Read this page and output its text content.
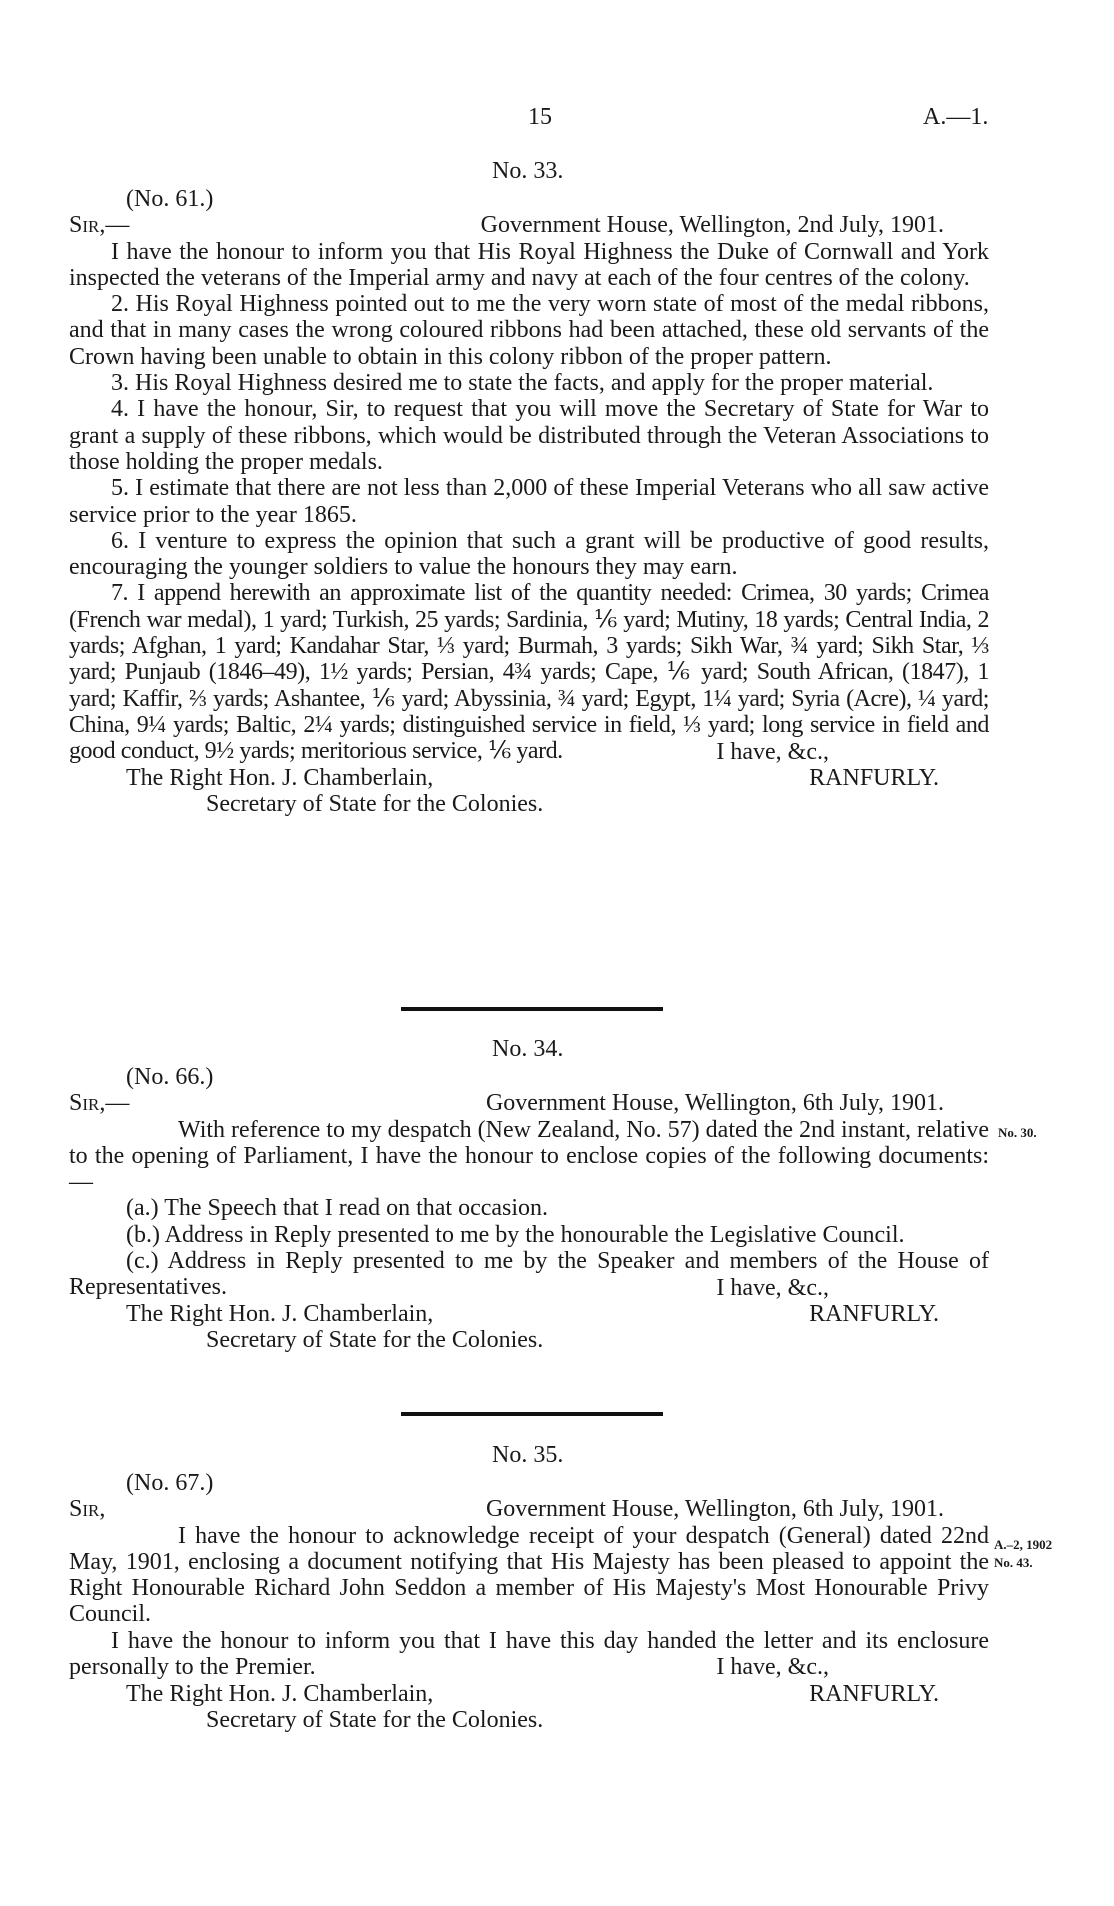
15	A.—1.
No. 33.

(No. 61.)

Sir,—	Government House, Wellington, 2nd July, 1901.

I have the honour to inform you that His Royal Highness the Duke of Cornwall and York inspected the veterans of the Imperial army and navy at each of the four centres of the colony.

2. His Royal Highness pointed out to me the very worn state of most of the medal ribbons, and that in many cases the wrong coloured ribbons had been attached, these old servants of the Crown having been unable to obtain in this colony ribbon of the proper pattern.

3. His Royal Highness desired me to state the facts, and apply for the proper material.

4. I have the honour, Sir, to request that you will move the Secretary of State for War to grant a supply of these ribbons, which would be distributed through the Veteran Associations to those holding the proper medals.

5. I estimate that there are not less than 2,000 of these Imperial Veterans who all saw active service prior to the year 1865.

6. I venture to express the opinion that such a grant will be productive of good results, encouraging the younger soldiers to value the honours they may earn.

7. I append herewith an approximate list of the quantity needed: Crimea, 30 yards; Crimea (French war medal), 1 yard; Turkish, 25 yards; Sardinia, ⅙ yard; Mutiny, 18 yards; Central India, 2 yards; Afghan, 1 yard; Kandahar Star, ⅓ yard; Burmah, 3 yards; Sikh War, ¾ yard; Sikh Star, ⅓ yard; Punjaub (1846–49), 1½ yards; Persian, 4¾ yards; Cape, ⅙ yard; South African, (1847), 1 yard; Kaffir, ⅔ yards; Ashantee, ⅙ yard; Abyssinia, ¾ yard; Egypt, 1¼ yard; Syria (Acre), ¼ yard; China, 9¼ yards; Baltic, 2¼ yards; distinguished service in field, ⅓ yard; long service in field and good conduct, 9½ yards; meritorious service, ⅙ yard.	I have, &c.,
The Right Hon. J. Chamberlain,	RANFURLY.

Secretary of State for the Colonies.

No. 34.

(No. 66.)

Sir,—	Government House, Wellington, 6th July, 1901.

With reference to my despatch (New Zealand, No. 57) dated the 2nd instant, relative to the opening of Parliament, I have the honour to enclose copies of the following documents:—

(a.) The Speech that I read on that occasion.

(b.) Address in Reply presented to me by the honourable the Legislative Council.

(c.) Address in Reply presented to me by the Speaker and members of the House of Representatives.	I have, &c.,
The Right Hon. J. Chamberlain,	RANFURLY.

Secretary of State for the Colonies.

No. 30.
No. 35.

(No. 67.)

Sir,	Government House, Wellington, 6th July, 1901.

I have the honour to acknowledge receipt of your despatch (General) dated 22nd May, 1901, enclosing a document notifying that His Majesty has been pleased to appoint the Right Honourable Richard John Seddon a member of His Majesty's Most Honourable Privy Council.

I have the honour to inform you that I have this day handed the letter and its enclosure personally to the Premier.	I have, &c.,
The Right Hon. J. Chamberlain,	RANFURLY.

Secretary of State for the Colonies.

A.–2, 1902
No. 43.
